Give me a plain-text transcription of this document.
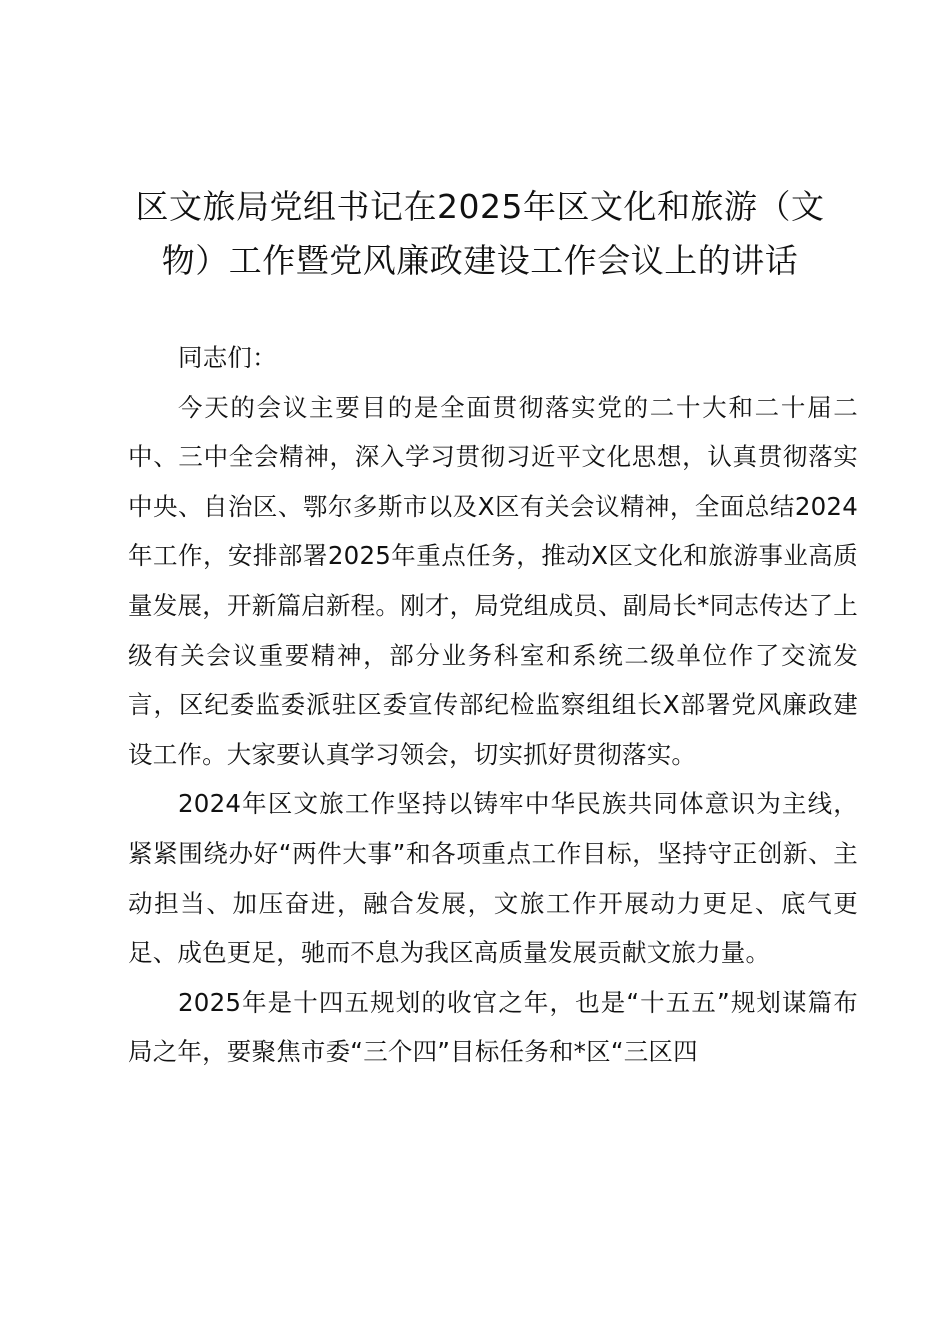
区文旅局党组书记在2025年区文化和旅游（文物）工作暨党风廉政建设工作会议上的讲话

同志们：

今天的会议主要目的是全面贯彻落实党的二十大和二十届二中、三中全会精神，深入学习贯彻习近平文化思想，认真贯彻落实中央、自治区、鄂尔多斯市以及X区有关会议精神，全面总结2024年工作，安排部署2025年重点任务，推动X区文化和旅游事业高质量发展，开新篇启新程。刚才，局党组成员、副局长*同志传达了上级有关会议重要精神，部分业务科室和系统二级单位作了交流发言，区纪委监委派驻区委宣传部纪检监察组组长X部署党风廉政建设工作。大家要认真学习领会，切实抓好贯彻落实。

2024年区文旅工作坚持以铸牢中华民族共同体意识为主线，紧紧围绕办好“两件大事”和各项重点工作目标，坚持守正创新、主动担当、加压奋进，融合发展，文旅工作开展动力更足、底气更足、成色更足，驰而不息为我区高质量发展贡献文旅力量。

2025年是十四五规划的收官之年，也是“十五五”规划谋篇布局之年，要聚焦市委“三个四”目标任务和*区“三区四
